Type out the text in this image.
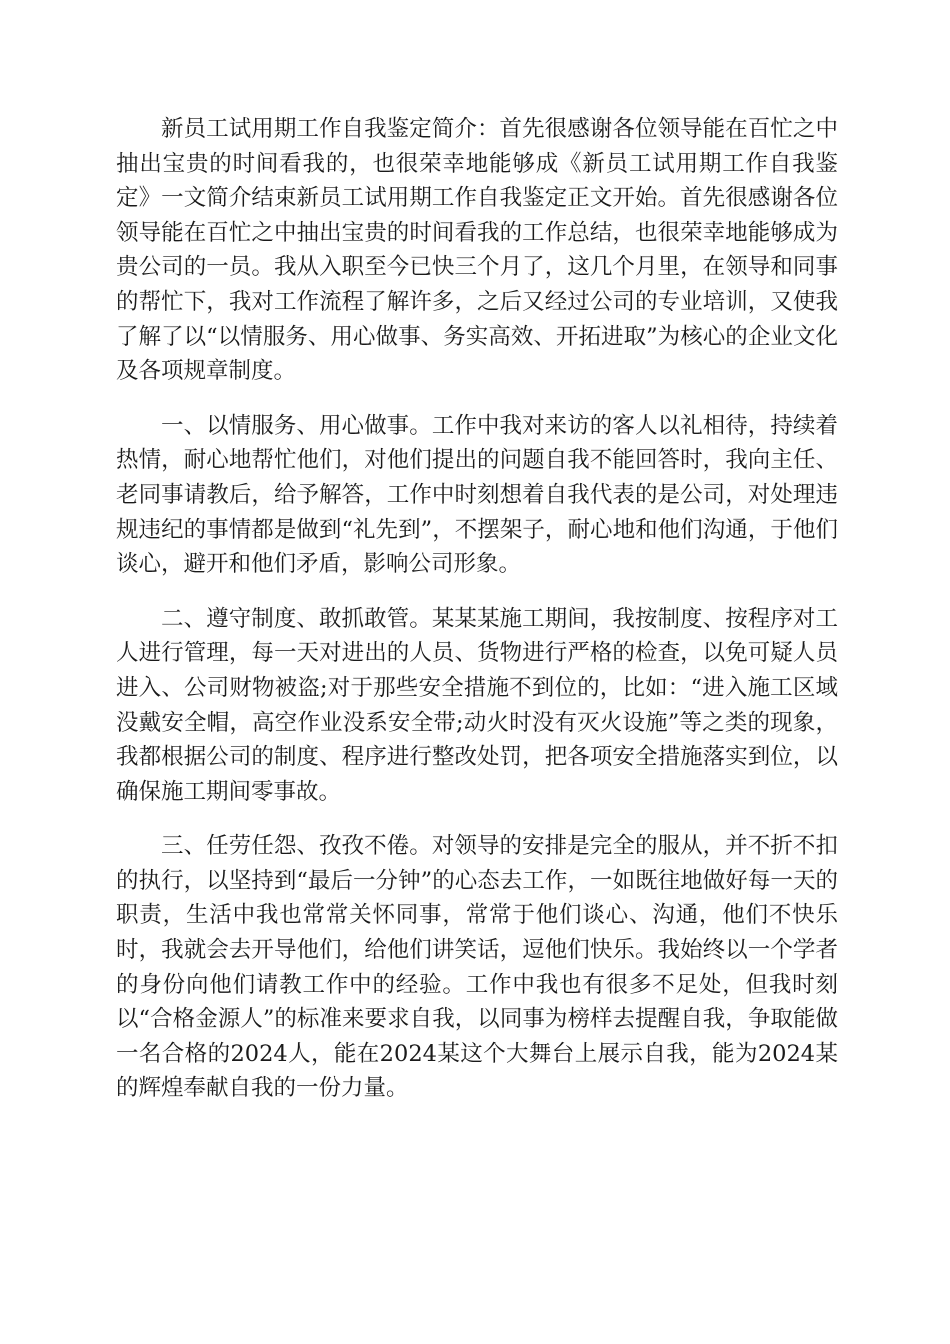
新员工试用期工作自我鉴定简介：首先很感谢各位领导能在百忙之中抽出宝贵的时间看我的，也很荣幸地能够成《新员工试用期工作自我鉴定》一文简介结束新员工试用期工作自我鉴定正文开始。首先很感谢各位领导能在百忙之中抽出宝贵的时间看我的工作总结，也很荣幸地能够成为贵公司的一员。我从入职至今已快三个月了，这几个月里，在领导和同事的帮忙下，我对工作流程了解许多，之后又经过公司的专业培训，又使我了解了以“以情服务、用心做事、务实高效、开拓进取”为核心的企业文化及各项规章制度。

一、以情服务、用心做事。工作中我对来访的客人以礼相待，持续着热情，耐心地帮忙他们，对他们提出的问题自我不能回答时，我向主任、老同事请教后，给予解答，工作中时刻想着自我代表的是公司，对处理违规违纪的事情都是做到“礼先到”，不摆架子，耐心地和他们沟通，于他们谈心，避开和他们矛盾，影响公司形象。

二、遵守制度、敢抓敢管。某某某施工期间，我按制度、按程序对工人进行管理，每一天对进出的人员、货物进行严格的检查，以免可疑人员进入、公司财物被盗;对于那些安全措施不到位的，比如：“进入施工区域没戴安全帽，高空作业没系安全带;动火时没有灭火设施”等之类的现象，我都根据公司的制度、程序进行整改处罚，把各项安全措施落实到位，以确保施工期间零事故。

三、任劳任怨、孜孜不倦。对领导的安排是完全的服从，并不折不扣的执行，以坚持到“最后一分钟”的心态去工作，一如既往地做好每一天的职责，生活中我也常常关怀同事，常常于他们谈心、沟通，他们不快乐时，我就会去开导他们，给他们讲笑话，逗他们快乐。我始终以一个学者的身份向他们请教工作中的经验。工作中我也有很多不足处，但我时刻以“合格金源人”的标准来要求自我，以同事为榜样去提醒自我，争取能做一名合格的2024人，能在2024某这个大舞台上展示自我，能为2024某的辉煌奉献自我的一份力量。
